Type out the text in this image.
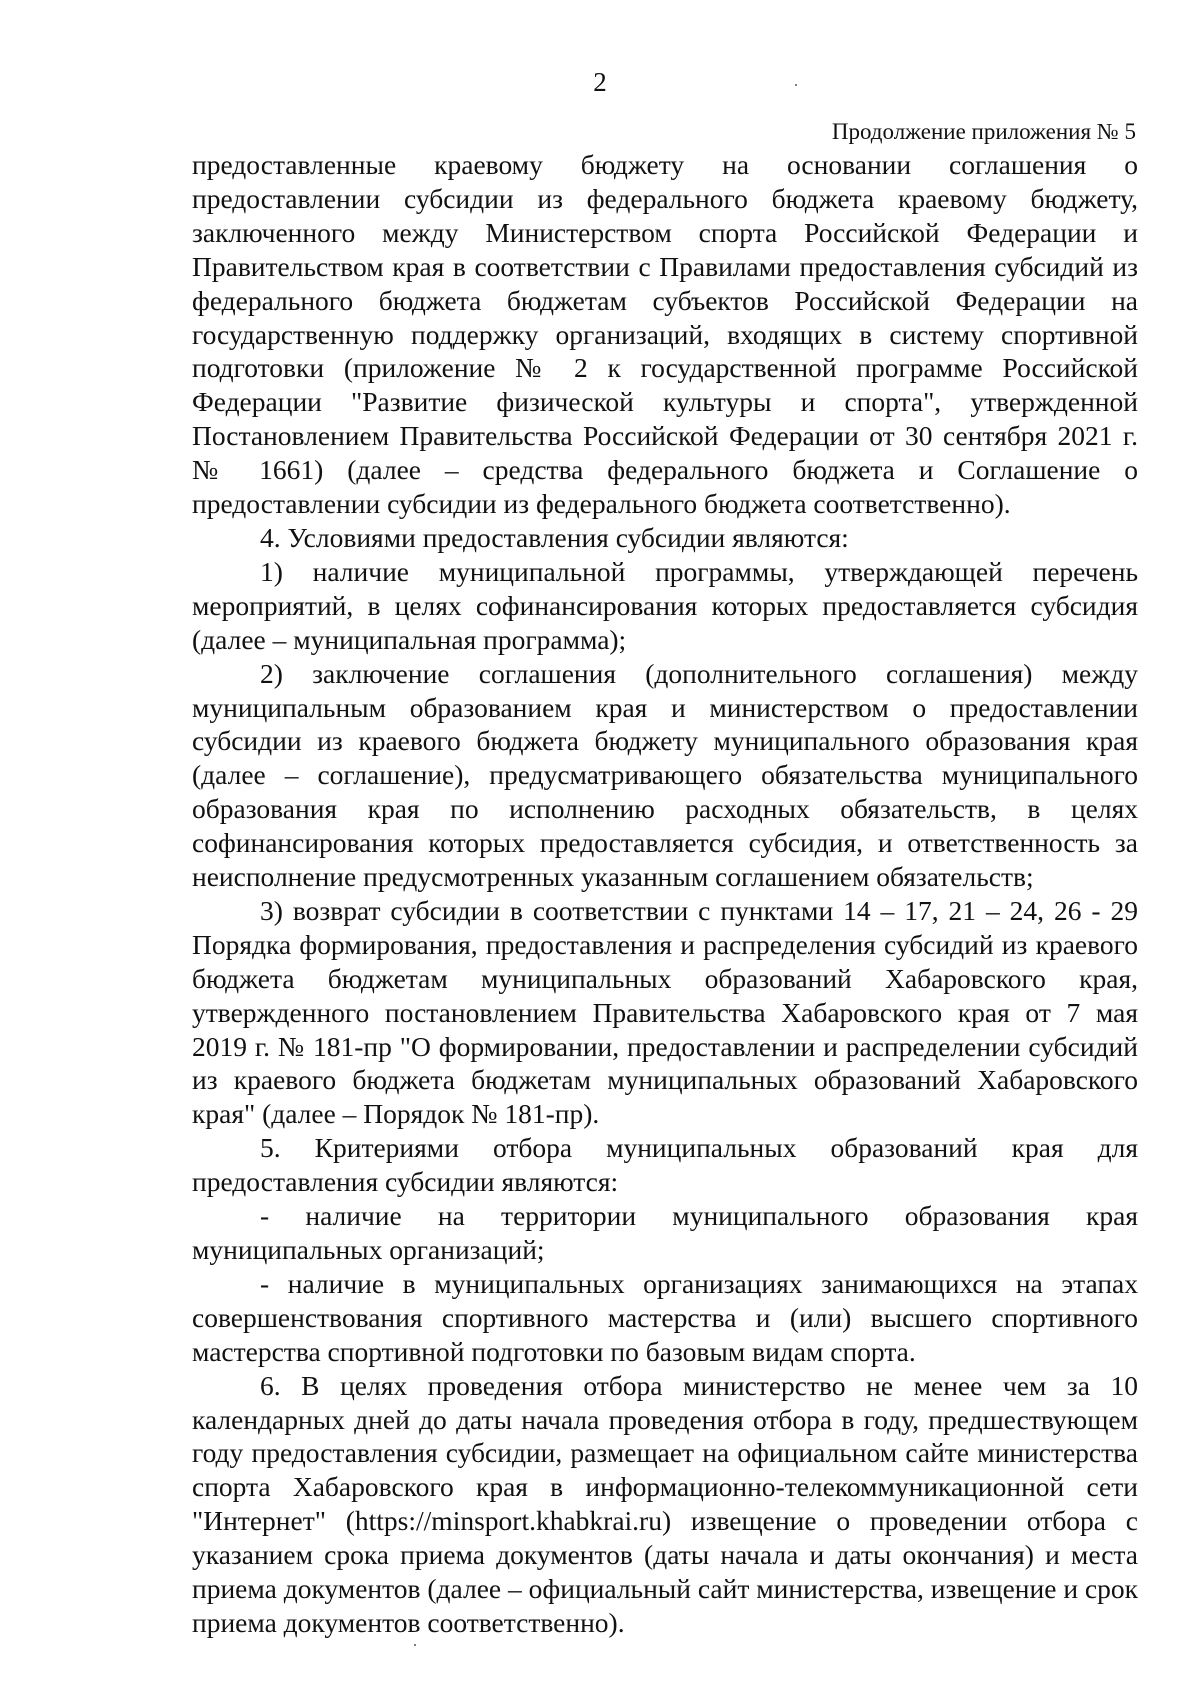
2
Продолжение приложения № 5

предоставленные краевому бюджету на основании соглашения о предоставлении субсидии из федерального бюджета краевому бюджету, заключенного между Министерством спорта Российской Федерации и Правительством края в соответствии с Правилами предоставления субсидий из федерального бюджета бюджетам субъектов Российской Федерации на государственную поддержку организаций, входящих в систему спортивной подготовки (приложение № 2 к государственной программе Российской Федерации "Развитие физической культуры и спорта", утвержденной Постановлением Правительства Российской Федерации от 30 сентября 2021 г. № 1661) (далее – средства федерального бюджета и Соглашение о предоставлении субсидии из федерального бюджета соответственно).

4. Условиями предоставления субсидии являются:

1) наличие муниципальной программы, утверждающей перечень мероприятий, в целях софинансирования которых предоставляется субсидия (далее – муниципальная программа);

2) заключение соглашения (дополнительного соглашения) между муниципальным образованием края и министерством о предоставлении субсидии из краевого бюджета бюджету муниципального образования края (далее – соглашение), предусматривающего обязательства муниципального образования края по исполнению расходных обязательств, в целях софинансирования которых предоставляется субсидия, и ответственность за неисполнение предусмотренных указанным соглашением обязательств;

3) возврат субсидии в соответствии с пунктами 14 – 17, 21 – 24, 26 - 29 Порядка формирования, предоставления и распределения субсидий из краевого бюджета бюджетам муниципальных образований Хабаровского края, утвержденного постановлением Правительства Хабаровского края от 7 мая 2019 г. № 181-пр "О формировании, предоставлении и распределении субсидий из краевого бюджета бюджетам муниципальных образований Хабаровского края" (далее – Порядок № 181-пр).

5. Критериями отбора муниципальных образований края для предоставления субсидии являются:

- наличие на территории муниципального образования края муниципальных организаций;

- наличие в муниципальных организациях занимающихся на этапах совершенствования спортивного мастерства и (или) высшего спортивного мастерства спортивной подготовки по базовым видам спорта.

6. В целях проведения отбора министерство не менее чем за 10 календарных дней до даты начала проведения отбора в году, предшествующем году предоставления субсидии, размещает на официальном сайте министерства спорта Хабаровского края в информационно-телекоммуникационной сети "Интернет" (https://minsport.khabkrai.ru) извещение о проведении отбора с указанием срока приема документов (даты начала и даты окончания) и места приема документов (далее – официальный сайт министерства, извещение и срок приема документов соответственно).
